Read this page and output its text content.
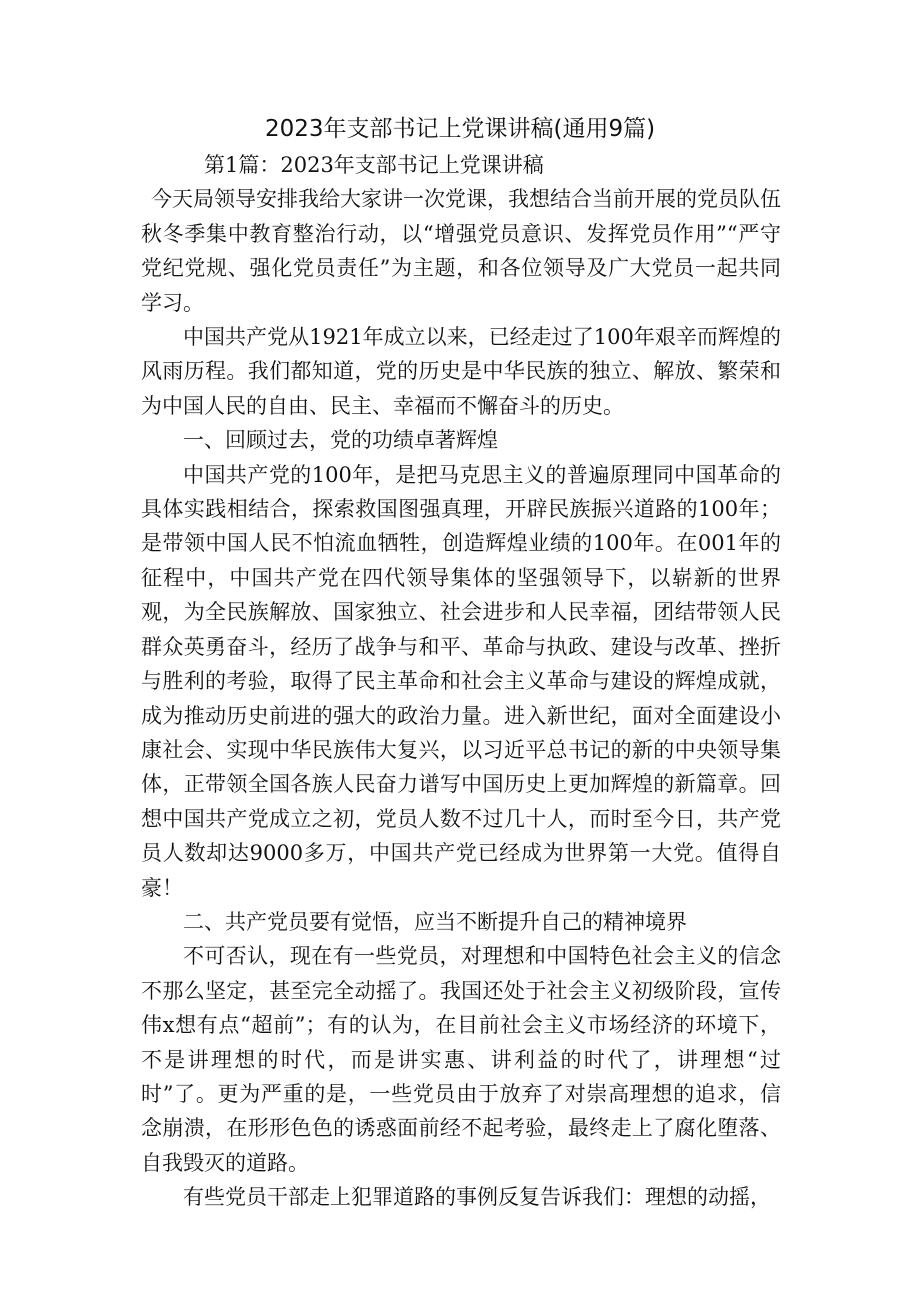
2023年支部书记上党课讲稿(通用9篇)

第1篇：2023年支部书记上党课讲稿

今天局领导安排我给大家讲一次党课，我想结合当前开展的党员队伍秋冬季集中教育整治行动，以“增强党员意识、发挥党员作用”“严守党纪党规、强化党员责任”为主题，和各位领导及广大党员一起共同学习。

中国共产党从1921年成立以来，已经走过了100年艰辛而辉煌的风雨历程。我们都知道，党的历史是中华民族的独立、解放、繁荣和为中国人民的自由、民主、幸福而不懈奋斗的历史。

一、回顾过去，党的功绩卓著辉煌

中国共产党的100年，是把马克思主义的普遍原理同中国革命的具体实践相结合，探索救国图强真理，开辟民族振兴道路的100年；是带领中国人民不怕流血牺牲，创造辉煌业绩的100年。在001年的征程中，中国共产党在四代领导集体的坚强领导下，以崭新的世界观，为全民族解放、国家独立、社会进步和人民幸福，团结带领人民群众英勇奋斗，经历了战争与和平、革命与执政、建设与改革、挫折与胜利的考验，取得了民主革命和社会主义革命与建设的辉煌成就，成为推动历史前进的强大的政治力量。进入新世纪，面对全面建设小康社会、实现中华民族伟大复兴，以习近平总书记的新的中央领导集体，正带领全国各族人民奋力谱写中国历史上更加辉煌的新篇章。回想中国共产党成立之初，党员人数不过几十人，而时至今日，共产党员人数却达9000多万，中国共产党已经成为世界第一大党。值得自豪！

二、共产党员要有觉悟，应当不断提升自己的精神境界

不可否认，现在有一些党员，对理想和中国特色社会主义的信念不那么坚定，甚至完全动摇了。我国还处于社会主义初级阶段，宣传伟x想有点“超前”；有的认为，在目前社会主义市场经济的环境下，不是讲理想的时代，而是讲实惠、讲利益的时代了，讲理想“过时”了。更为严重的是，一些党员由于放弃了对崇高理想的追求，信念崩溃，在形形色色的诱惑面前经不起考验，最终走上了腐化堕落、自我毁灭的道路。

有些党员干部走上犯罪道路的事例反复告诉我们：理想的动摇，
